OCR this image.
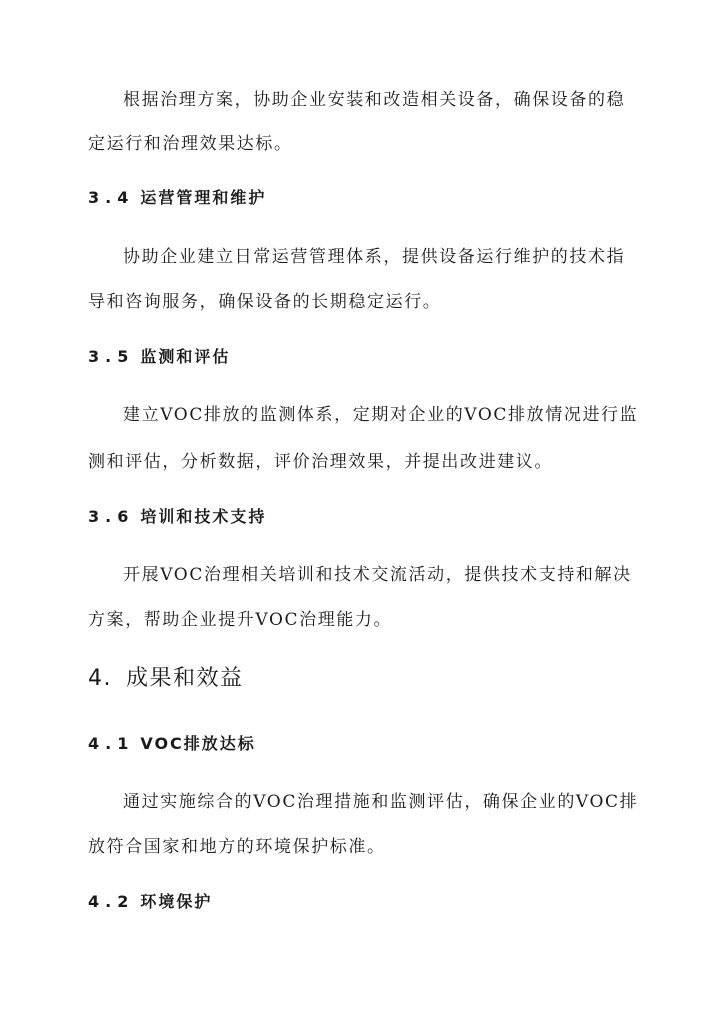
根据治理方案，协助企业安装和改造相关设备，确保设备的稳
定运行和治理效果达标。
3.4 运营管理和维护
协助企业建立日常运营管理体系，提供设备运行维护的技术指
导和咨询服务，确保设备的长期稳定运行。
3.5 监测和评估
建立VOC排放的监测体系，定期对企业的VOC排放情况进行监
测和评估，分析数据，评价治理效果，并提出改进建议。
3.6 培训和技术支持
开展VOC治理相关培训和技术交流活动，提供技术支持和解决
方案，帮助企业提升VOC治理能力。
4. 成果和效益
4.1 VOC排放达标
通过实施综合的VOC治理措施和监测评估，确保企业的VOC排
放符合国家和地方的环境保护标准。
4.2 环境保护
